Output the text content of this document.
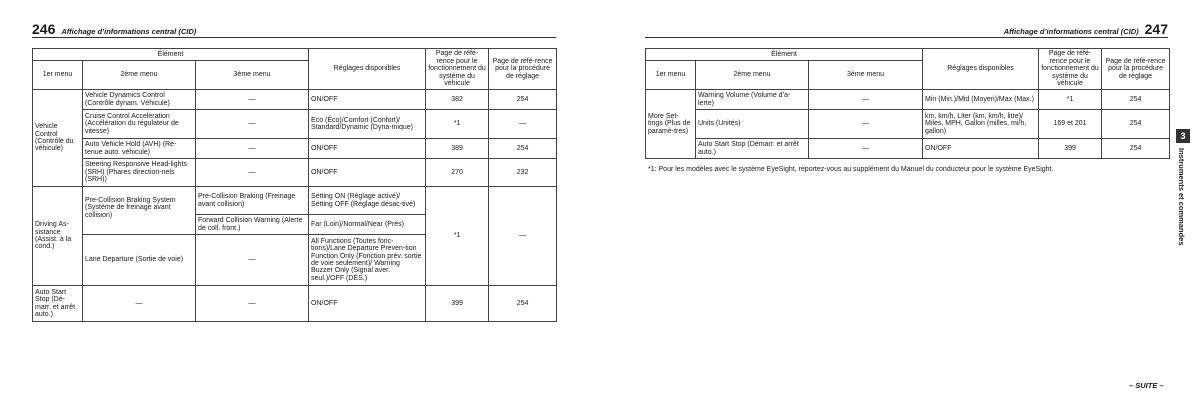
246 Affichage d’informations central (CID)
Élément			Réglages disponibles	Page de réfé-rence pour le fonctionnement du système du véhicule	Page de réfé-rence pour la procédure de réglage
1er menu	2ème menu	3ème menu			
Vehicle Control (Contrôle du véhicule)	Vehicle Dynamics Control (Contrôle dynam. Véhicule)	—	ON/OFF	382	254
	Cruise Control Acceleration (Accélération du régulateur de vitesse)	—	Eco (Éco)/Comfort (Confort)/ Standard/Dynamic (Dyna-mique)	*1	—
	Auto Vehicle Hold (AVH) (Re-tenue auto. véhicule)	—	ON/OFF	389	254
	Steering Responsive Head-lights (SRH) (Phares direction-nels (SRH))	—	ON/OFF	270	232
Driving As-sistance (Assist. à la cond.)	Pre-Collision Braking System (Système de freinage avant collision)	Pre-Collision Braking (Freinage avant collision)	Setting ON (Réglage activé)/ Setting OFF (Réglage désac-tivé)	*1	—
		Forward Collision Warning (Alerte de coll. front.)	Far (Loin)/Normal/Near (Près)		
	Lane Departure (Sortie de voie)	—	All Functions (Toutes fonc-tions)/Lane Departure Preven-tion Function Only (Fonction prév. sortie de voie seulement)/ Warning Buzzer Only (Signal aver. seul.)/OFF (DÉS.)		
Auto Start Stop (Dé-marr. et arrêt auto.)	—	—	ON/OFF	399	254
Affichage d’informations central (CID) 247
Élément			Réglages disponibles	Page de réfé-rence pour le fonctionnement du système du véhicule	Page de réfé-rence pour la procédure de réglage
1er menu	2ème menu	3ème menu			
More Set-tings (Plus de paramè-tres)	Warning Volume (Volume d’a-lerte)	—	Min (Min.)/Mid (Moyen)/Max (Max.)	*1	254
	Units (Unités)	—	km, km/h, Liter (km, km/h, litre)/ Miles, MPH, Gallon (milles, mi/h, gallon)	169 et 201	254
	Auto Start Stop (Démarr. et arrêt auto.)	—	ON/OFF	399	254
*1: Pour les modèles avec le système EyeSight, reportez-vous au supplément du Manuel du conducteur pour le système EyeSight.
3
Instruments et commandes
– SUITE –
